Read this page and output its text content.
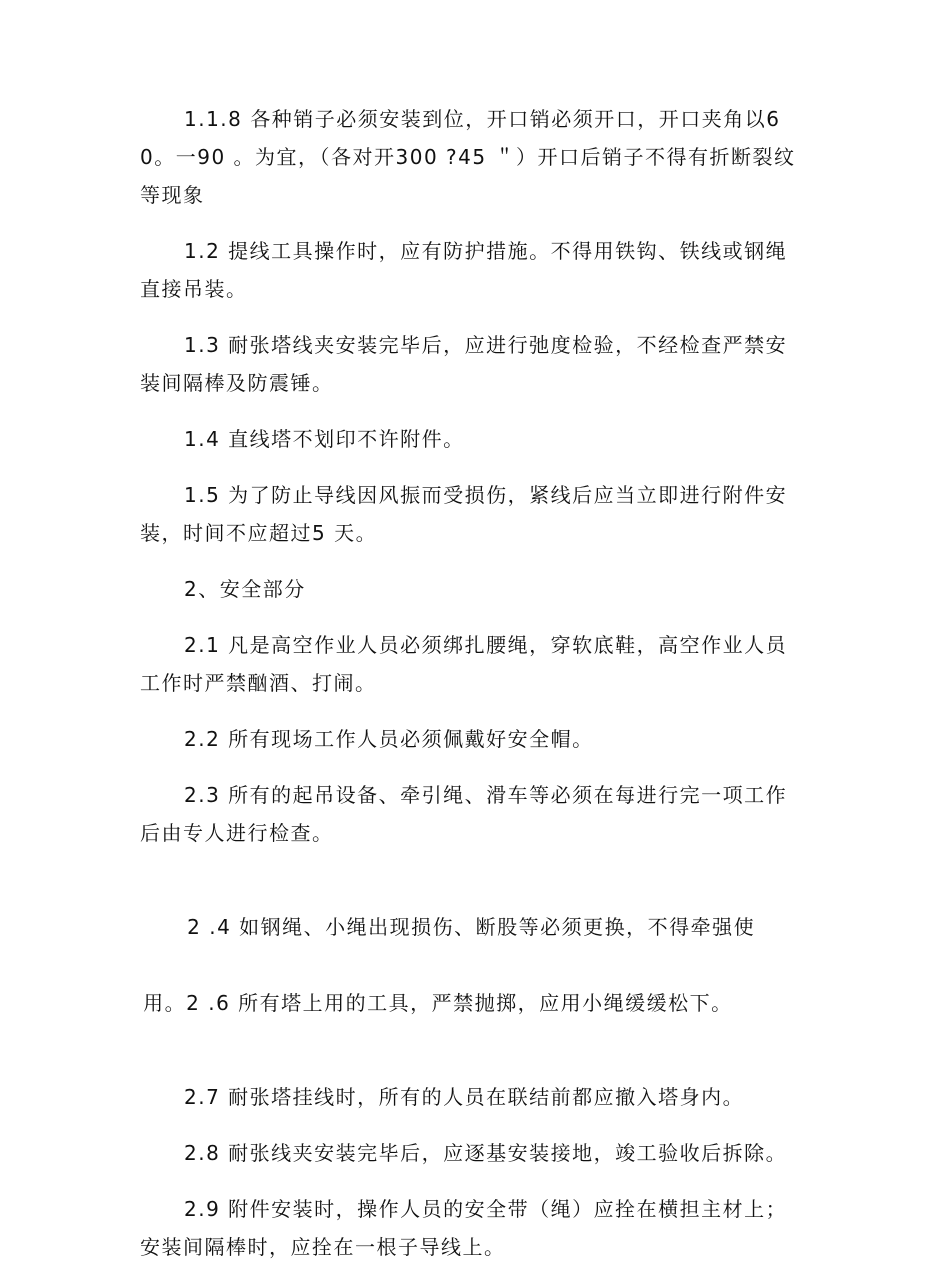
1.1.8 各种销子必须安装到位，开口销必须开口，开口夹角以60。一90 。为宜，（各对开300 ?45 ＂）开口后销子不得有折断裂纹等现象

1.2 提线工具操作时，应有防护措施。不得用铁钩、铁线或钢绳直接吊装。

1.3 耐张塔线夹安装完毕后，应进行弛度检验，不经检查严禁安装间隔棒及防震锤。

1.4 直线塔不划印不许附件。

1.5 为了防止导线因风振而受损伤，紧线后应当立即进行附件安装，时间不应超过5 天。

2、安全部分

2.1 凡是高空作业人员必须绑扎腰绳，穿软底鞋，高空作业人员工作时严禁酗酒、打闹。

2.2 所有现场工作人员必须佩戴好安全帽。

2.3 所有的起吊设备、牵引绳、滑车等必须在每进行完一项工作后由专人进行检查。

2 .4 如钢绳、小绳出现损伤、断股等必须更换，不得牵强使

用。2 .6 所有塔上用的工具，严禁抛掷，应用小绳缓缓松下。

2.7 耐张塔挂线时，所有的人员在联结前都应撤入塔身内。

2.8 耐张线夹安装完毕后，应逐基安装接地，竣工验收后拆除。

2.9 附件安装时，操作人员的安全带（绳）应拴在横担主材上；安装间隔棒时，应拴在一根子导线上。
